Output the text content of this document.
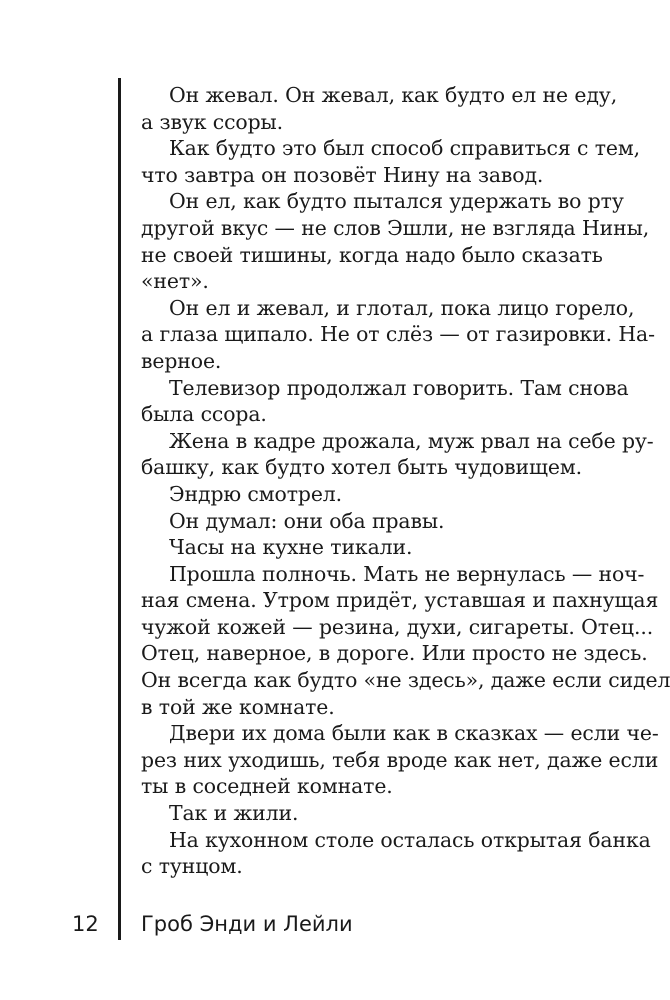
Он жевал. Он жевал, как будто ел не еду,
а звук ссоры.
Как будто это был способ справиться с тем,
что завтра он позовёт Нину на завод.
Он ел, как будто пытался удержать во рту
другой вкус — не слов Эшли, не взгляда Нины,
не своей тишины, когда надо было сказать
«нет».
Он ел и жевал, и глотал, пока лицо горело,
а глаза щипало. Не от слёз — от газировки. На-
верное.
Телевизор продолжал говорить. Там снова
была ссора.
Жена в кадре дрожала, муж рвал на себе ру-
башку, как будто хотел быть чудовищем.
Эндрю смотрел.
Он думал: они оба правы.
Часы на кухне тикали.
Прошла полночь. Мать не вернулась — ноч-
ная смена. Утром придёт, уставшая и пахнущая
чужой кожей — резина, духи, сигареты. Отец...
Отец, наверное, в дороге. Или просто не здесь.
Он всегда как будто «не здесь», даже если сидел
в той же комнате.
Двери их дома были как в сказках — если че-
рез них уходишь, тебя вроде как нет, даже если
ты в соседней комнате.
Так и жили.
На кухонном столе осталась открытая банка
с тунцом.
12 Гроб Энди и Лейли
